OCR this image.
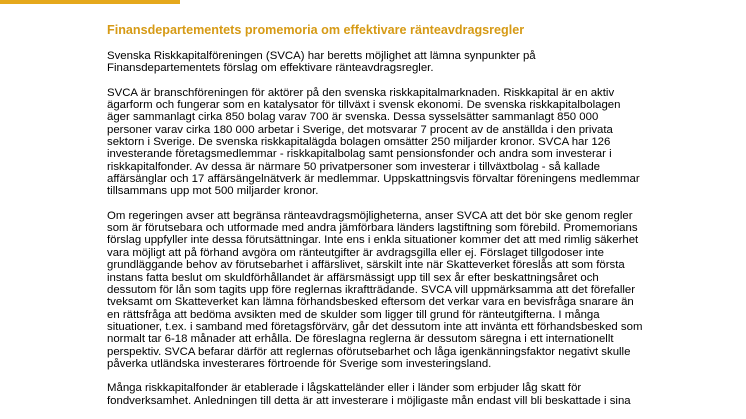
Finansdepartementets promemoria om effektivare ränteavdragsregler
Svenska Riskkapitalföreningen (SVCA) har beretts möjlighet att lämna synpunkter på
Finansdepartementets förslag om effektivare ränteavdragsregler.
SVCA är branschföreningen för aktörer på den svenska riskkapitalmarknaden. Riskkapital är en aktiv
ägarform och fungerar som en katalysator för tillväxt i svensk ekonomi. De svenska riskkapitalbolagen
äger sammanlagt cirka 850 bolag varav 700 är svenska. Dessa sysselsätter sammanlagt 850 000
personer varav cirka 180 000 arbetar i Sverige, det motsvarar 7 procent av de anställda i den privata
sektorn i Sverige. De svenska riskkapitalägda bolagen omsätter 250 miljarder kronor. SVCA har 126
investerande företagsmedlemmar - riskkapitalbolag samt pensionsfonder och andra som investerar i
riskkapitalfonder. Av dessa är närmare 50 privatpersoner som investerar i tillväxtbolag - så kallade
affärsänglar och 17 affärsängelnätverk är medlemmar. Uppskattningsvis förvaltar föreningens medlemmar
tillsammans upp mot 500 miljarder kronor.
Om regeringen avser att begränsa ränteavdragsmöjligheterna, anser SVCA att det bör ske genom regler
som är förutsebara och utformade med andra jämförbara länders lagstiftning som förebild. Promemorians
förslag uppfyller inte dessa förutsättningar. Inte ens i enkla situationer kommer det att med rimlig säkerhet
vara möjligt att på förhand avgöra om ränteutgifter är avdragsgilla eller ej. Förslaget tillgodoser inte
grundläggande behov av förutsebarhet i affärslivet, särskilt inte när Skatteverket föreslås att som första
instans fatta beslut om skuldförhållandet är affärsmässigt upp till sex år efter beskattningsåret och
dessutom för lån som tagits upp före reglernas ikraftträdande. SVCA vill uppmärksamma att det förefaller
tveksamt om Skatteverket kan lämna förhandsbesked eftersom det verkar vara en bevisfråga snarare än
en rättsfråga att bedöma avsikten med de skulder som ligger till grund för ränteutgifterna. I många
situationer, t.ex. i samband med företagsförvärv, går det dessutom inte att invänta ett förhandsbesked som
normalt tar 6-18 månader att erhålla. De föreslagna reglerna är dessutom säregna i ett internationellt
perspektiv. SVCA befarar därför att reglernas oförutsebarhet och låga igenkänningsfaktor negativt skulle
påverka utländska investerares förtroende för Sverige som investeringsland.
Många riskkapitalfonder är etablerade i lågskatteländer eller i länder som erbjuder låg skatt för
fondverksamhet. Anledningen till detta är att investerare i möjligaste mån endast vill bli beskattade i sina
